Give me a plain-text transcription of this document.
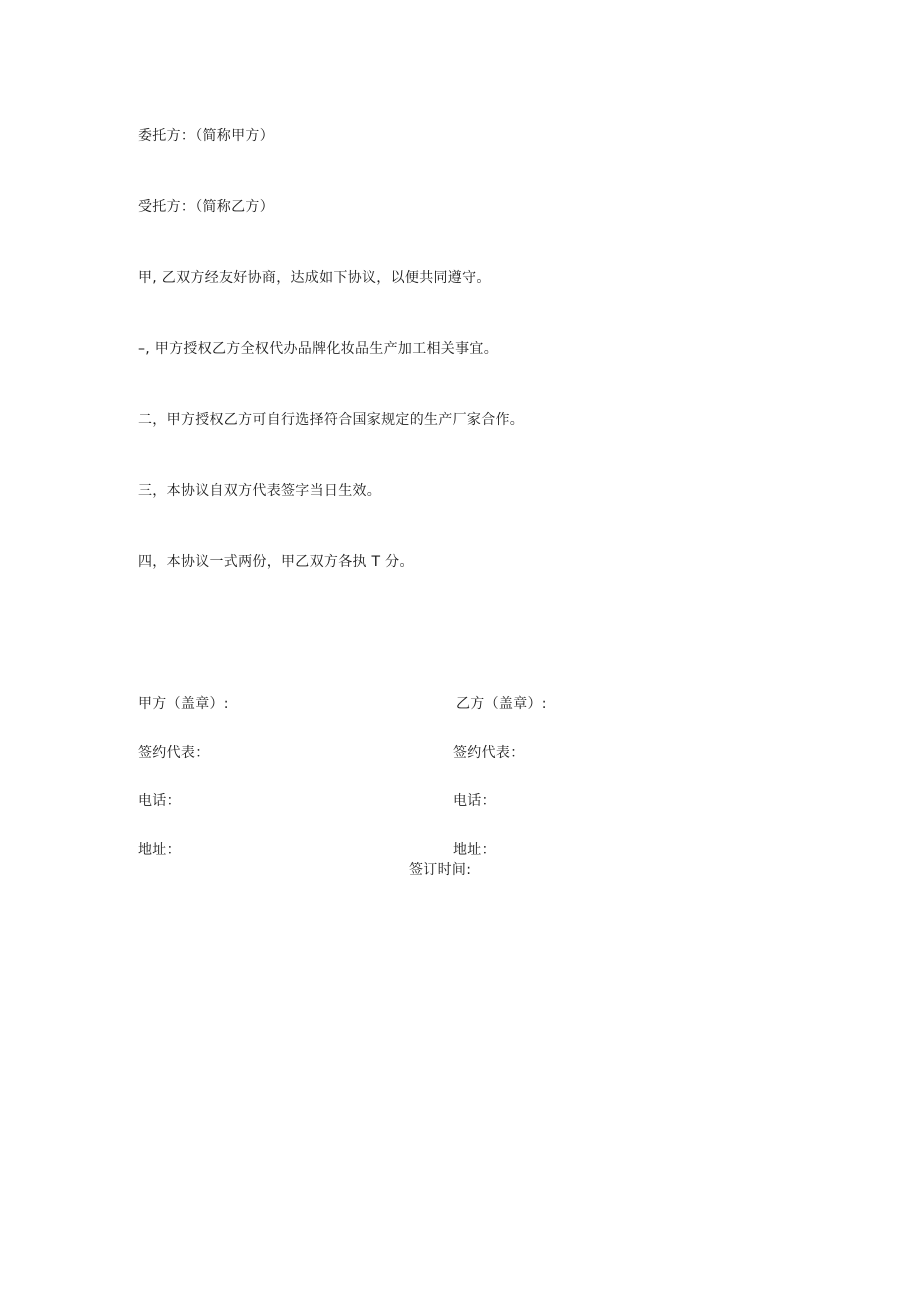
委托方：（简称甲方）
受托方：（简称乙方）
甲, 乙双方经友好协商，达成如下协议，以便共同遵守。
–, 甲方授权乙方全权代办品牌化妆品生产加工相关事宜。
二，甲方授权乙方可自行选择符合国家规定的生产厂家合作。
三，本协议自双方代表签字当日生效。
四，本协议一式两份，甲乙双方各执 T 分。
甲方（盖章）:
签约代表：
电话：
地址：
乙方（盖章）:
签约代表：
电话：
地址：
签订时间:
